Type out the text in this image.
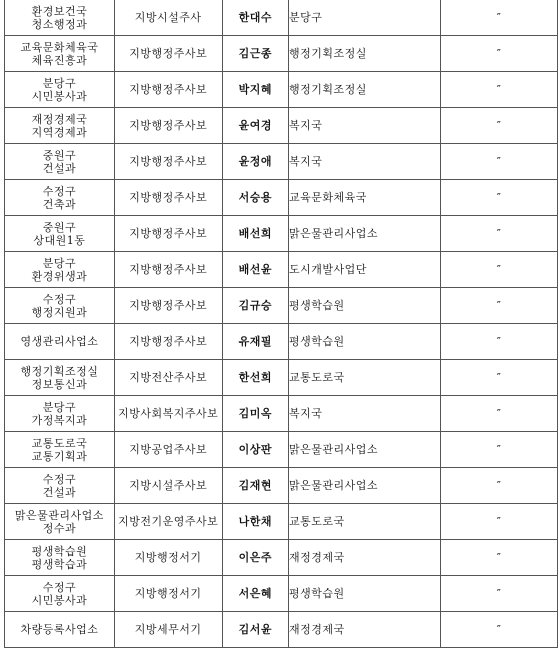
환경보건국
청소행정과	지방시설주사	한대수	분당구	″
교육문화체육국
체육진흥과	지방행정주사보	김근종	행정기획조정실	″
분당구
시민봉사과	지방행정주사보	박지혜	행정기획조정실	″
재정경제국
지역경제과	지방행정주사보	윤여경	복지국	″
중원구
건설과	지방행정주사보	윤정애	복지국	″
수정구
건축과	지방행정주사보	서승용	교육문화체육국	″
중원구
상대원1동	지방행정주사보	배선희	맑은물관리사업소	″
분당구
환경위생과	지방행정주사보	배선윤	도시개발사업단	″
수정구
행정지원과	지방행정주사보	김규승	평생학습원	″
영생관리사업소	지방행정주사보	유재필	평생학습원	″
행정기획조정실
정보통신과	지방전산주사보	한선희	교통도로국	″
분당구
가정복지과	지방사회복지주사보	김미옥	복지국	″
교통도로국
교통기획과	지방공업주사보	이상판	맑은물관리사업소	″
수정구
건설과	지방시설주사보	김재현	맑은물관리사업소	″
맑은물관리사업소
정수과	지방전기운영주사보	나한채	교통도로국	″
평생학습원
평생학습과	지방행정서기	이은주	재정경제국	″
수정구
시민봉사과	지방행정서기	서은혜	평생학습원	″
차량등록사업소	지방세무서기	김서윤	재정경제국	″
